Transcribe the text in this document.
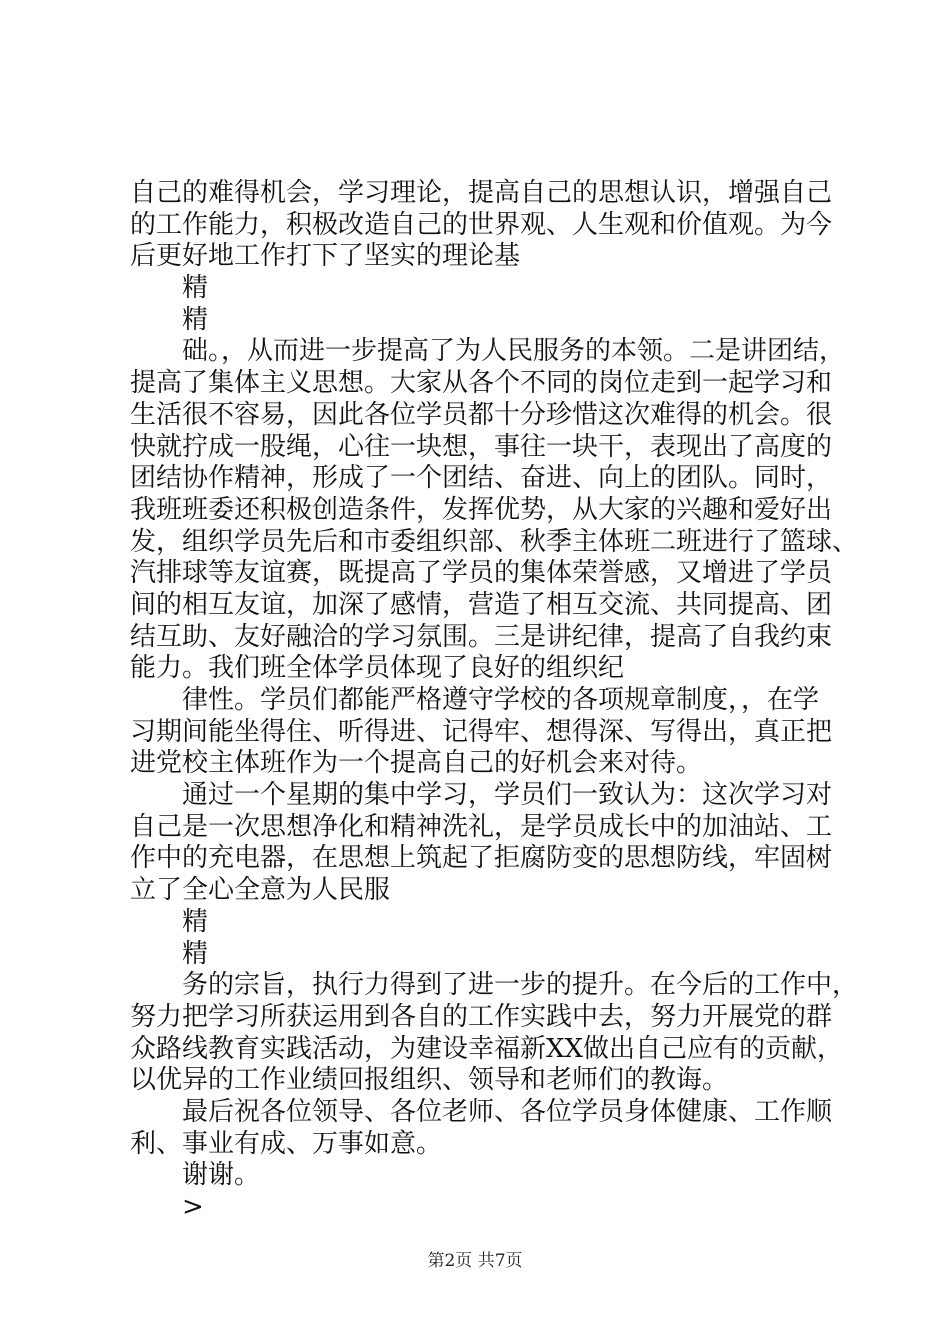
自己的难得机会，学习理论，提高自己的思想认识，增强自己
的工作能力，积极改造自己的世界观、人生观和价值观。为今
后更好地工作打下了坚实的理论基
精
精
础。，从而进一步提高了为人民服务的本领。二是讲团结，
提高了集体主义思想。大家从各个不同的岗位走到一起学习和
生活很不容易，因此各位学员都十分珍惜这次难得的机会。很
快就拧成一股绳，心往一块想，事往一块干，表现出了高度的
团结协作精神，形成了一个团结、奋进、向上的团队。同时，
我班班委还积极创造条件，发挥优势，从大家的兴趣和爱好出
发，组织学员先后和市委组织部、秋季主体班二班进行了篮球、
汽排球等友谊赛，既提高了学员的集体荣誉感，又增进了学员
间的相互友谊，加深了感情，营造了相互交流、共同提高、团
结互助、友好融洽的学习氛围。三是讲纪律，提高了自我约束
能力。我们班全体学员体现了良好的组织纪
律性。学员们都能严格遵守学校的各项规章制度，，在学
习期间能坐得住、听得进、记得牢、想得深、写得出，真正把
进党校主体班作为一个提高自己的好机会来对待。
通过一个星期的集中学习，学员们一致认为：这次学习对
自己是一次思想净化和精神洗礼，是学员成长中的加油站、工
作中的充电器，在思想上筑起了拒腐防变的思想防线，牢固树
立了全心全意为人民服
精
精
务的宗旨，执行力得到了进一步的提升。在今后的工作中，
努力把学习所获运用到各自的工作实践中去，努力开展党的群
众路线教育实践活动，为建设幸福新XX做出自己应有的贡献，
以优异的工作业绩回报组织、领导和老师们的教诲。
最后祝各位领导、各位老师、各位学员身体健康、工作顺
利、事业有成、万事如意。
谢谢。
>
第2页 共7页
